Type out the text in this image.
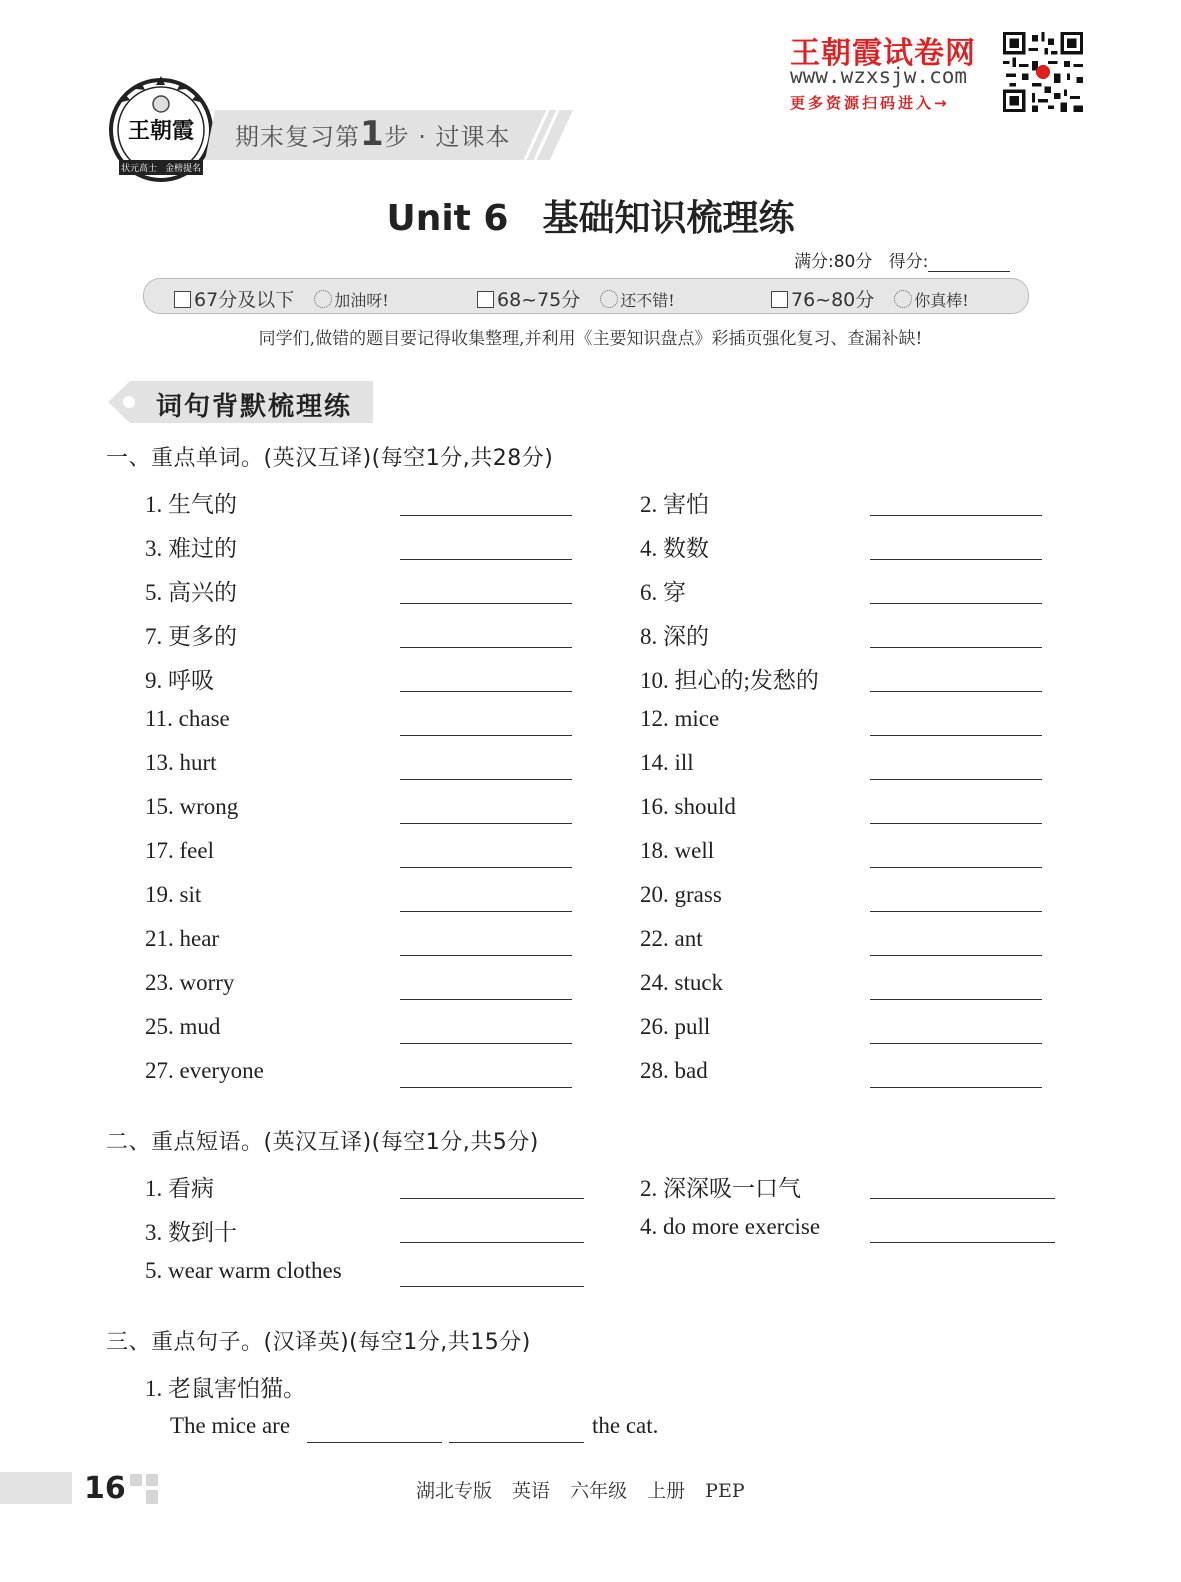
王朝霞
状元高士 金榜提名
期末复习第1步 · 过课本
王朝霞试卷网
www.wzxsjw.com
更多资源扫码进入→
Unit 6 基础知识梳理练
满分:80分 得分:
67分及以下	加油呀!	68~75分	还不错!	76~80分	你真棒!
同学们,做错的题目要记得收集整理,并利用《主要知识盘点》彩插页强化复习、查漏补缺!
词句背默梳理练
一、重点单词。(英汉互译)(每空1分,共28分)
1. 生气的	2. 害怕
3. 难过的	4. 数数
5. 高兴的	6. 穿
7. 更多的	8. 深的
9. 呼吸	10. 担心的;发愁的
11. chase	12. mice
13. hurt	14. ill
15. wrong	16. should
17. feel	18. well
19. sit	20. grass
21. hear	22. ant
23. worry	24. stuck
25. mud	26. pull
27. everyone	28. bad
二、重点短语。(英汉互译)(每空1分,共5分)
1. 看病	2. 深深吸一口气
3. 数到十	4. do more exercise
5. wear warm clothes
三、重点句子。(汉译英)(每空1分,共15分)
1. 老鼠害怕猫。
The mice are	the cat.
16	湖北专版 英语 六年级 上册 PEP
